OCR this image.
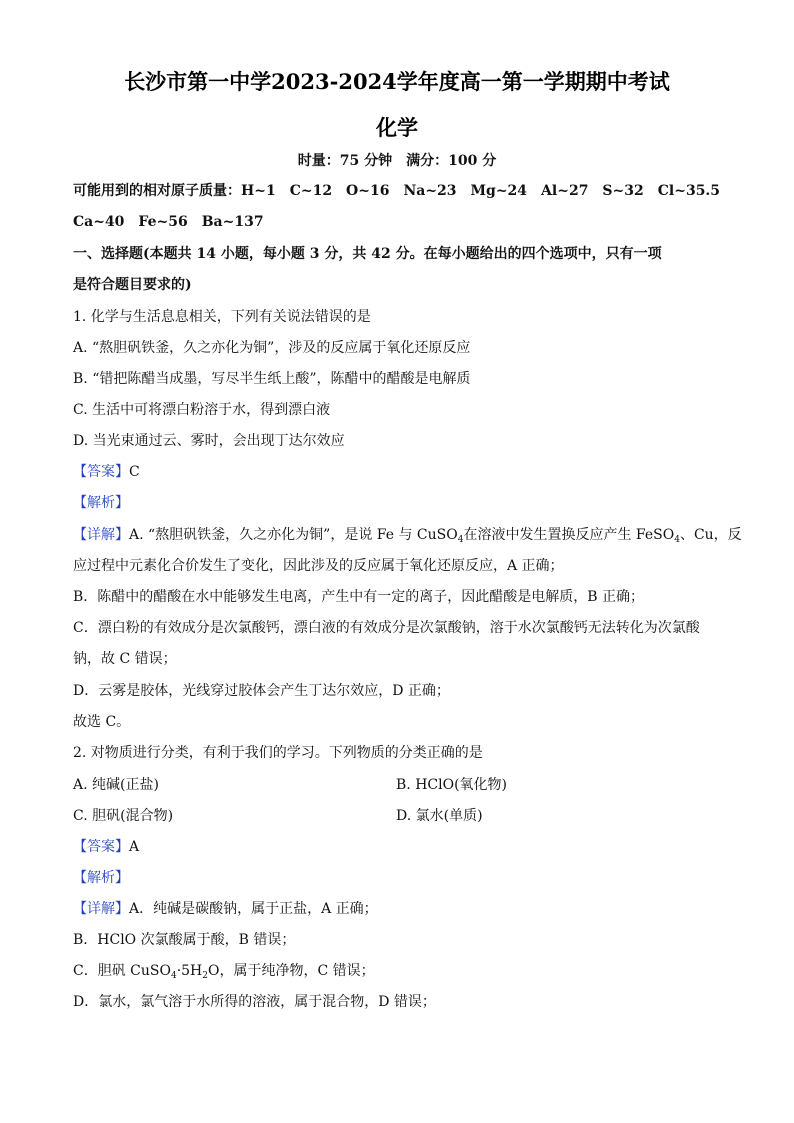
长沙市第一中学2023-2024学年度高一第一学期期中考试
化学
时量：75 分钟　满分：100 分
可能用到的相对原子质量：H~1　C~12　O~16　Na~23　Mg~24　Al~27　S~32　Cl~35.5
Ca~40　Fe~56　Ba~137
一、选择题(本题共 14 小题，每小题 3 分，共 42 分。在每小题给出的四个选项中，只有一项
是符合题目要求的)
1. 化学与生活息息相关，下列有关说法错误的是
A. “熬胆矾铁釜，久之亦化为铜”，涉及的反应属于氧化还原反应
B. “错把陈醋当成墨，写尽半生纸上酸”，陈醋中的醋酸是电解质
C. 生活中可将漂白粉溶于水，得到漂白液
D. 当光束通过云、雾时，会出现丁达尔效应
【答案】C
【解析】
【详解】A. “熬胆矾铁釜，久之亦化为铜”，是说 Fe 与 CuSO$_4$在溶液中发生置换反应产生 FeSO$_4$、Cu，反
应过程中元素化合价发生了变化，因此涉及的反应属于氧化还原反应，A 正确；
B．陈醋中的醋酸在水中能够发生电离，产生中有一定的离子，因此醋酸是电解质，B 正确；
C．漂白粉的有效成分是次氯酸钙，漂白液的有效成分是次氯酸钠，溶于水次氯酸钙无法转化为次氯酸
钠，故 C 错误；
D．云雾是胶体，光线穿过胶体会产生丁达尔效应，D 正确；
故选 C。
2. 对物质进行分类，有利于我们的学习。下列物质的分类正确的是
A. 纯碱(正盐)	B. HClO(氧化物)
C. 胆矾(混合物)	D. 氯水(单质)
【答案】A
【解析】
【详解】A．纯碱是碳酸钠，属于正盐，A 正确；
B．HClO 次氯酸属于酸，B 错误；
C．胆矾 $CuSO_4\cdot 5H_2O$，属于纯净物，C 错误；
D．氯水，氯气溶于水所得的溶液，属于混合物，D 错误；
